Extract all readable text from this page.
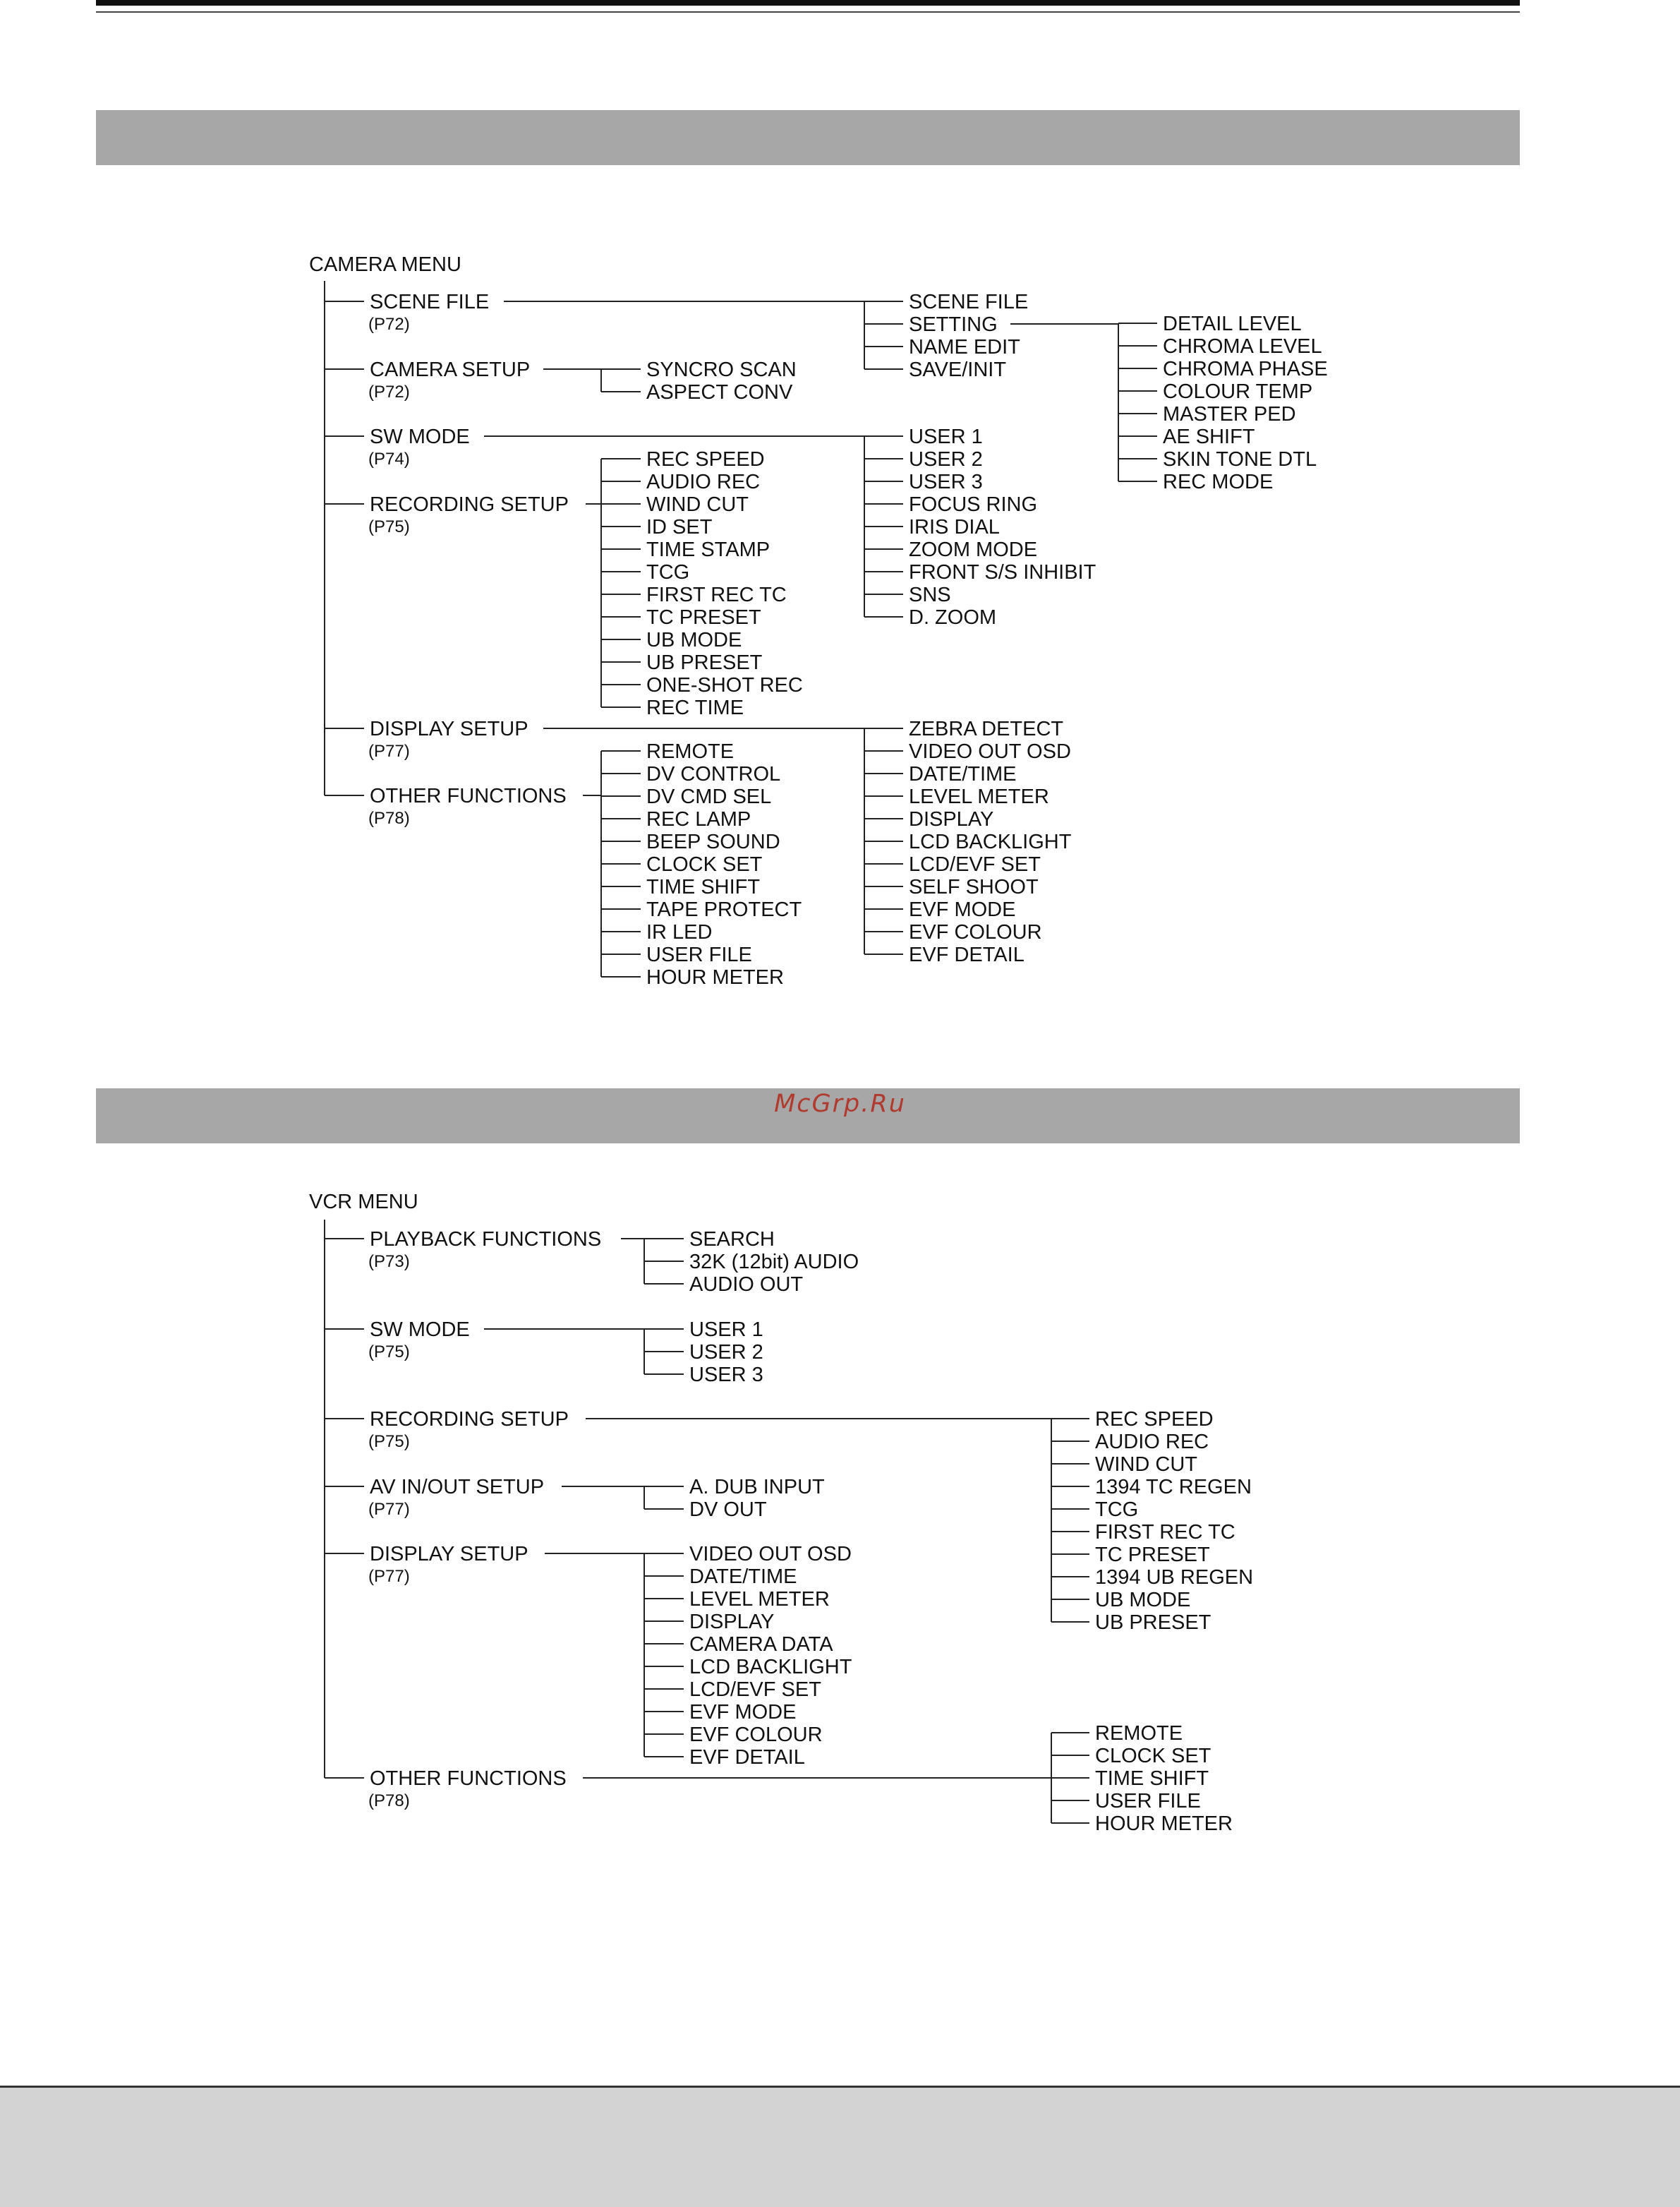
McGrp.Ru
CAMERA MENU
SCENE FILE
(P72)
CAMERA SETUP
(P72)
SW MODE
(P74)
RECORDING SETUP
(P75)
DISPLAY SETUP
(P77)
OTHER FUNCTIONS
(P78)
SCENE FILE
SETTING
NAME EDIT
SAVE/INIT
DETAIL LEVEL
CHROMA LEVEL
CHROMA PHASE
COLOUR TEMP
MASTER PED
AE SHIFT
SKIN TONE DTL
REC MODE
SYNCRO SCAN
ASPECT CONV
USER 1
USER 2
USER 3
FOCUS RING
IRIS DIAL
ZOOM MODE
FRONT S/S INHIBIT
SNS
D. ZOOM
REC SPEED
AUDIO REC
WIND CUT
ID SET
TIME STAMP
TCG
FIRST REC TC
TC PRESET
UB MODE
UB PRESET
ONE-SHOT REC
REC TIME
ZEBRA DETECT
VIDEO OUT OSD
DATE/TIME
LEVEL METER
DISPLAY
LCD BACKLIGHT
LCD/EVF SET
SELF SHOOT
EVF MODE
EVF COLOUR
EVF DETAIL
REMOTE
DV CONTROL
DV CMD SEL
REC LAMP
BEEP SOUND
CLOCK SET
TIME SHIFT
TAPE PROTECT
IR LED
USER FILE
HOUR METER
VCR MENU
PLAYBACK FUNCTIONS
(P73)
SW MODE
(P75)
RECORDING SETUP
(P75)
AV IN/OUT SETUP
(P77)
DISPLAY SETUP
(P77)
OTHER FUNCTIONS
(P78)
SEARCH
32K (12bit) AUDIO
AUDIO OUT
USER 1
USER 2
USER 3
REC SPEED
AUDIO REC
WIND CUT
1394 TC REGEN
TCG
FIRST REC TC
TC PRESET
1394 UB REGEN
UB MODE
UB PRESET
A. DUB INPUT
DV OUT
VIDEO OUT OSD
DATE/TIME
LEVEL METER
DISPLAY
CAMERA DATA
LCD BACKLIGHT
LCD/EVF SET
EVF MODE
EVF COLOUR
EVF DETAIL
REMOTE
CLOCK SET
TIME SHIFT
USER FILE
HOUR METER
